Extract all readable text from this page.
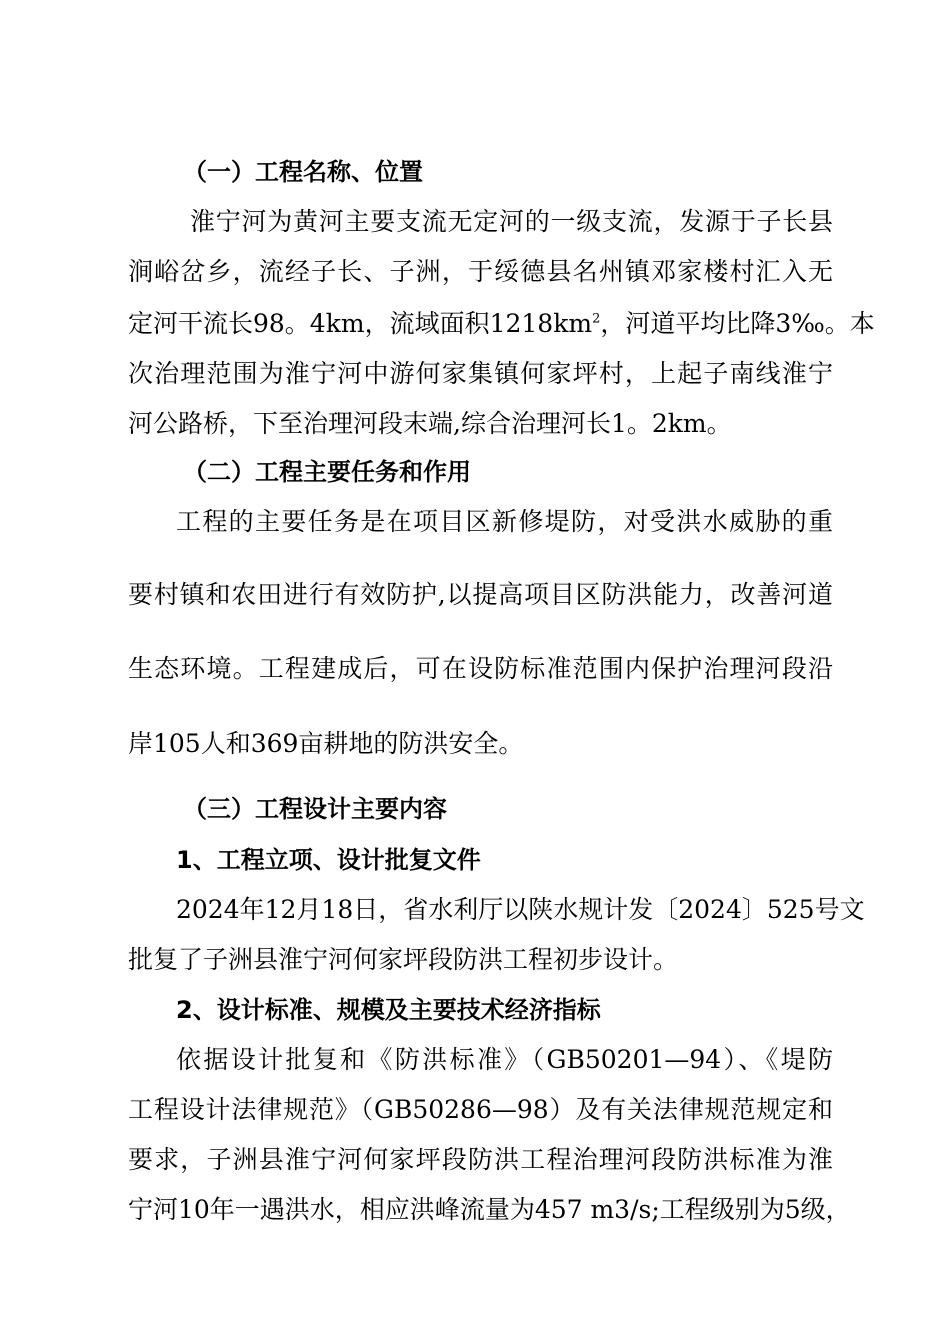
（一）工程名称、位置
淮宁河为黄河主要支流无定河的一级支流，发源于子长县
涧峪岔乡，流经子长、子洲，于绥德县名州镇邓家楼村汇入无
定河干流长98。4km，流域面积$1218km^2$，河道平均比降3‰。本
次治理范围为淮宁河中游何家集镇何家坪村，上起子南线淮宁
河公路桥，下至治理河段末端,综合治理河长1。2km。
（二）工程主要任务和作用
工程的主要任务是在项目区新修堤防，对受洪水威胁的重
要村镇和农田进行有效防护,以提高项目区防洪能力，改善河道
生态环境。工程建成后，可在设防标准范围内保护治理河段沿
岸105人和369亩耕地的防洪安全。
（三）工程设计主要内容
1、工程立项、设计批复文件
2024年12月18日，省水利厅以陕水规计发〔2024〕525号文
批复了子洲县淮宁河何家坪段防洪工程初步设计。
2、设计标准、规模及主要技术经济指标
依据设计批复和《防洪标准》（GB50201—94）、《堤防
工程设计法律规范》（GB50286—98）及有关法律规范规定和
要求，子洲县淮宁河何家坪段防洪工程治理河段防洪标准为淮
宁河10年一遇洪水，相应洪峰流量为457 m3/s;工程级别为5级，
